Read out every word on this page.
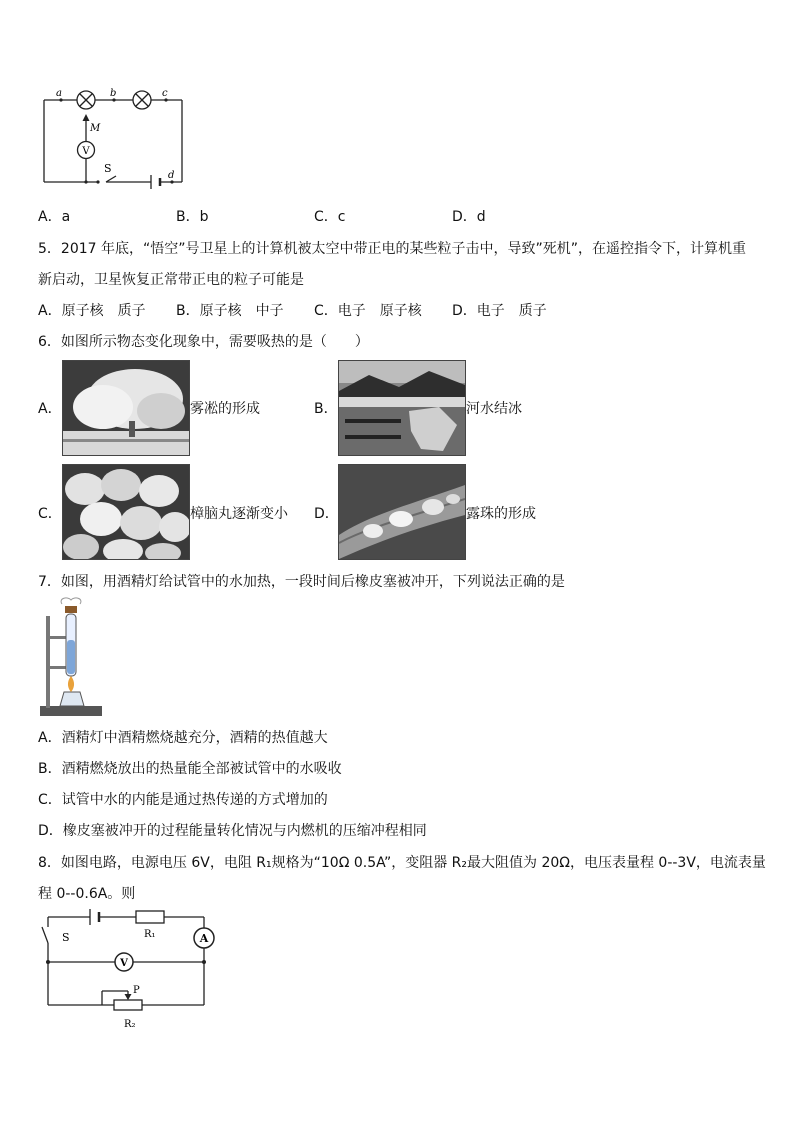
V
a	b	c
d
M
S
A．a	B．b	C．c	D．d
5．2017 年底，“悟空”号卫星上的计算机被太空中带正电的某些粒子击中，导致”死机”，在遥控指令下，计算机重
新启动，卫星恢复正常带正电的粒子可能是
A．原子核　质子 B．原子核　中子 C．电子　原子核 D．电子　质子
6．如图所示物态变化现象中，需要吸热的是（　　）
A．	雾凇的形成	B．	河水结冰
C．	樟脑丸逐渐变小 D．	露珠的形成
7．如图，用酒精灯给试管中的水加热，一段时间后橡皮塞被冲开，下列说法正确的是
A．酒精灯中酒精燃烧越充分，酒精的热值越大
B．酒精燃烧放出的热量能全部被试管中的水吸收
C．试管中水的内能是通过热传递的方式增加的
D．橡皮塞被冲开的过程能量转化情况与内燃机的压缩冲程相同
8．如图电路，电源电压 6V，电阻 R₁规格为“10Ω 0.5A”，变阻器 R₂最大阻值为 20Ω，电压表量程 0--3V，电流表量
程 0--0.6A。则
A
V
S	R₁
P
R₂
